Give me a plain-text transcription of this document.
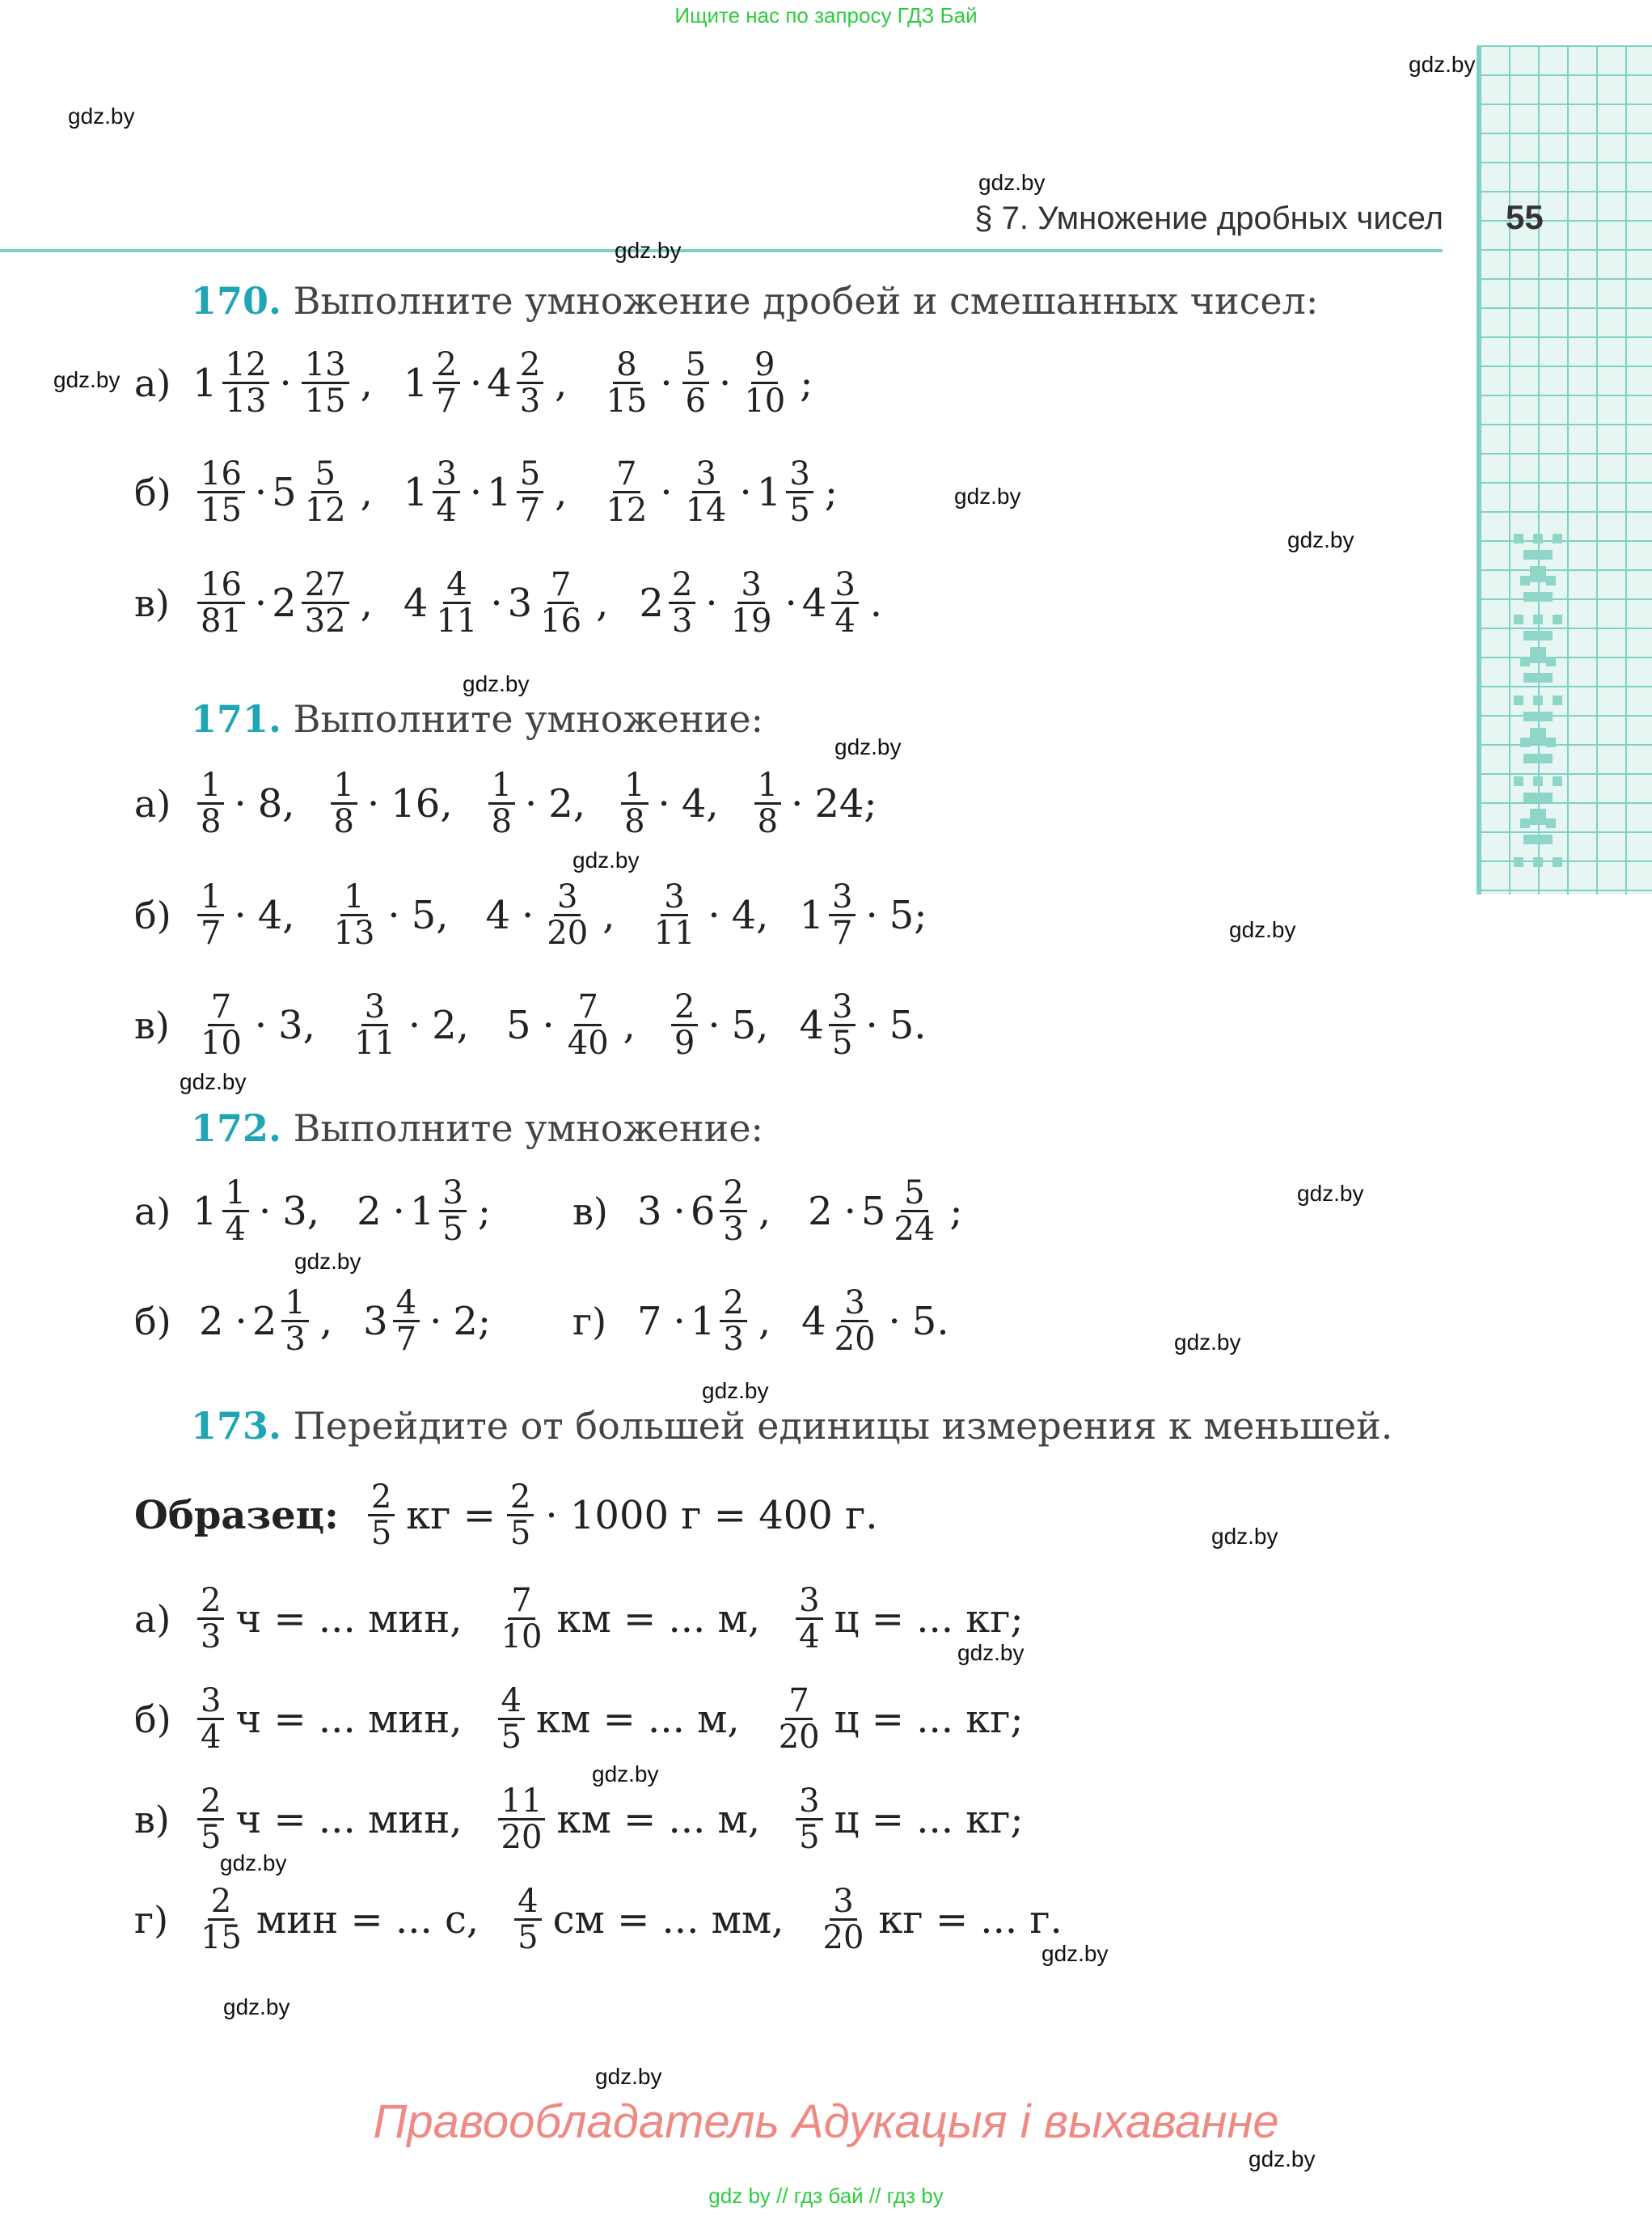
Ищите нас по запросу ГДЗ Бай
§ 7. Умножение дробных чисел 55
gdz.by
gdz.by
gdz.by
gdz.by
gdz.by
gdz.by
gdz.by
gdz.by
gdz.by
gdz.by
gdz.by
gdz.by
gdz.by
gdz.by
gdz.by
gdz.by
gdz.by
gdz.by
gdz.by
gdz.by
gdz.by
gdz.by
gdz.by
gdz.by
170. Выполните умножение дробей и смешанных чисел:
а) $1 \frac{12}{13} \cdot \frac{13}{15}$ , $1 \frac{2}{7} \cdot 4 \frac{2}{3}$ , $\frac{8}{15} \cdot \frac{5}{6} \cdot \frac{9}{10}$ ;
$б) \frac{16}{15} \cdot 5 \frac{5}{12}$ , $1 \frac{3}{4} \cdot 1 \frac{5}{7}$ , $\frac{7}{12} \cdot \frac{3}{14} \cdot 1 \frac{3}{5}$ ;
$в) \frac{16}{81} \cdot 2 \frac{27}{32}$ , $4 \frac{4}{11} \cdot 3 \frac{7}{16}$ , $2 \frac{2}{3} \cdot \frac{3}{19} \cdot 4 \frac{3}{4}$ .
171. Выполните умножение:
$а) \frac{1}{8} \cdot 8$, $\frac{1}{8} \cdot 16$, $\frac{1}{8} \cdot 2$, $\frac{1}{8} \cdot 4$, $\frac{1}{8} \cdot 24$;
$б) \frac{1}{7} \cdot 4$, $\frac{1}{13} \cdot 5$, $4 \cdot \frac{3}{20}$ , $\frac{3}{11} \cdot 4$, $1 \frac{3}{7} \cdot 5$;
$в) \frac{7}{10} \cdot 3$, $\frac{3}{11} \cdot 2$, $5 \cdot \frac{7}{40}$ , $\frac{2}{9} \cdot 5$, $4 \frac{3}{5} \cdot 5$.
172. Выполните умножение:
а) $1 \frac{1}{4} \cdot 3$, $2 \cdot 1 \frac{3}{5}$ ; в) $3 \cdot 6 \frac{2}{3}$ , $2 \cdot 5 \frac{5}{24}$ ;
б) $2 \cdot 2 \frac{1}{3}$ , $3 \frac{4}{7} \cdot 2$; г) $7 \cdot 1 \frac{2}{3}$ , $4 \frac{3}{20} \cdot 5$.
173. Перейдите от большей единицы измерения к меньшей.
Образец: $\frac{2}{5}$ кг = $\frac{2}{5} \cdot 1000$ г = 400 г.
$а) \frac{2}{3}$ ч = ... мин, $\frac{7}{10}$ км = ... м, $\frac{3}{4}$ ц = ... кг;
$б) \frac{3}{4}$ ч = ... мин, $\frac{4}{5}$ км = ... м, $\frac{7}{20}$ ц = ... кг;
$в) \frac{2}{5}$ ч = ... мин, $\frac{11}{20}$ км = ... м, $\frac{3}{5}$ ц = ... кг;
$г) \frac{2}{15}$ мин = ... с, $\frac{4}{5}$ см = ... мм, $\frac{3}{20}$ кг = ... г.
Правообладатель Адукацыя і выхаванне
gdz by // гдз бай // гдз by
